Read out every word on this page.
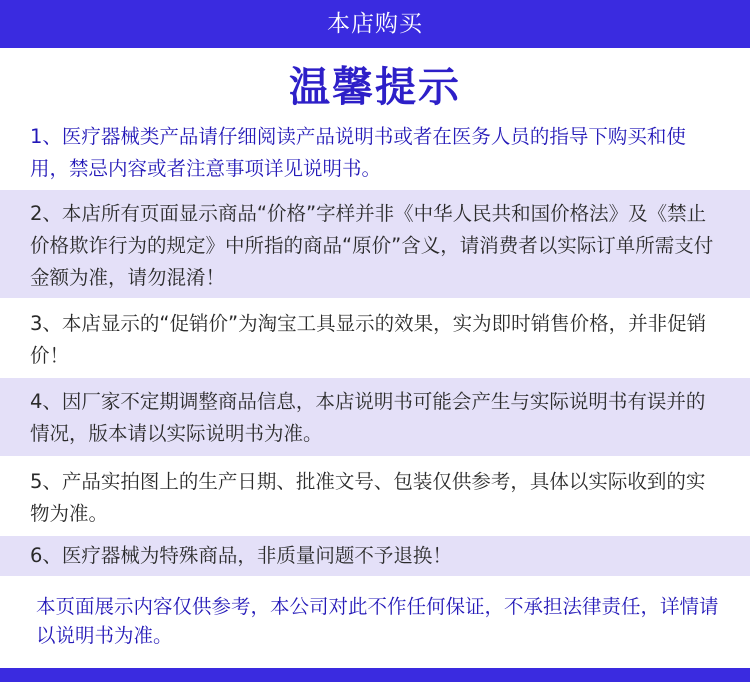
本店购买
温馨提示
1、医疗器械类产品请仔细阅读产品说明书或者在医务人员的指导下购买和使用，禁忌内容或者注意事项详见说明书。
2、本店所有页面显示商品“价格”字样并非《中华人民共和国价格法》及《禁止价格欺诈行为的规定》中所指的商品“原价”含义，请消费者以实际订单所需支付金额为准，请勿混淆！
3、本店显示的“促销价”为淘宝工具显示的效果，实为即时销售价格，并非促销价！
4、因厂家不定期调整商品信息，本店说明书可能会产生与实际说明书有误并的情况，版本请以实际说明书为准。
5、产品实拍图上的生产日期、批准文号、包装仅供参考，具体以实际收到的实物为准。
6、医疗器械为特殊商品，非质量问题不予退换！
本页面展示内容仅供参考，本公司对此不作任何保证，不承担法律责任，详情请以说明书为准。
